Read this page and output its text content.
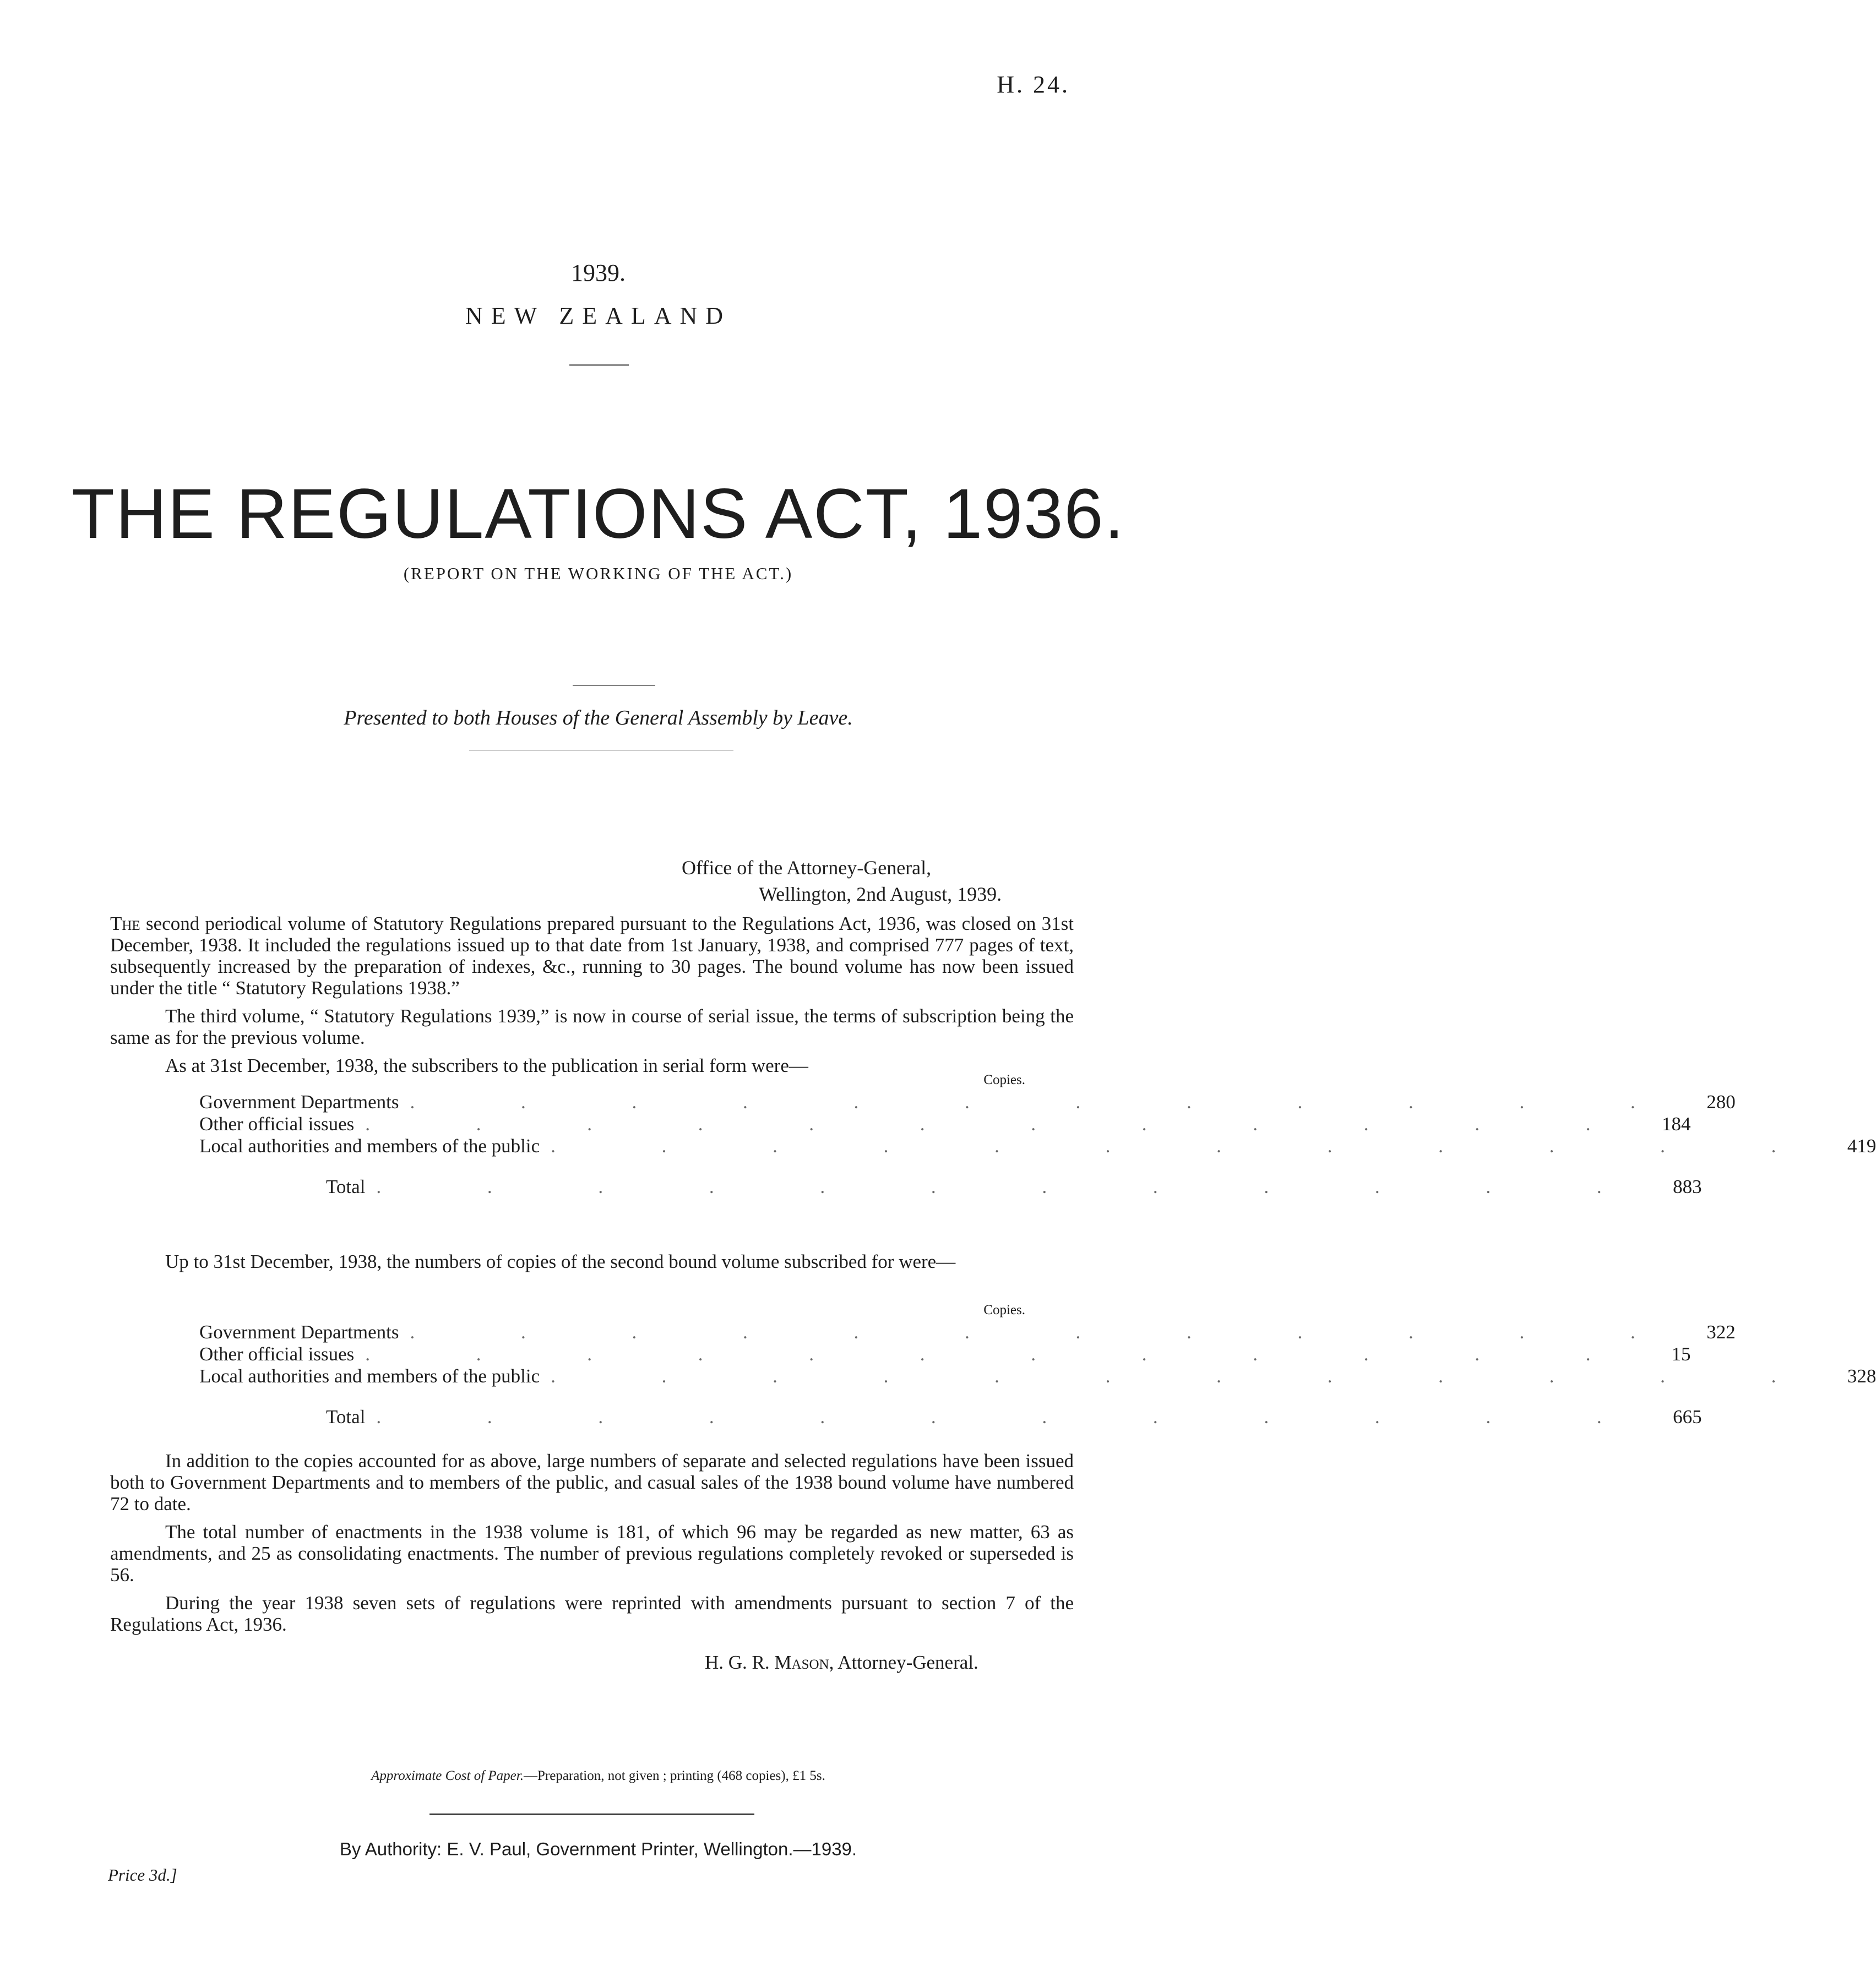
H. 24.
1939.
NEW ZEALAND
THE REGULATIONS ACT, 1936.
(REPORT ON THE WORKING OF THE ACT.)
Presented to both Houses of the General Assembly by Leave.
Office of the Attorney-General,
Wellington, 2nd August, 1939.

The second periodical volume of Statutory Regulations prepared pursuant to the Regulations Act, 1936, was closed on 31st December, 1938. It included the regulations issued up to that date from 1st January, 1938, and comprised 777 pages of text, subsequently increased by the preparation of indexes, &c., running to 30 pages. The bound volume has now been issued under the title “ Statutory Regulations 1938.”

The third volume, “ Statutory Regulations 1939,” is now in course of serial issue, the terms of subscription being the same as for the previous volume.

As at 31st December, 1938, the subscribers to the publication in serial form were—

Copies.
Government Departments . . . . . . . . . . . .	280
Other official issues . . . . . . . . . . . .	184
Local authorities and members of the public . . . . . . . . . . . .	419
Total . . . . . . . . . . . .	883

Up to 31st December, 1938, the numbers of copies of the second bound volume subscribed for were—

Copies.
Government Departments . . . . . . . . . . . .	322
Other official issues . . . . . . . . . . . .	15
Local authorities and members of the public . . . . . . . . . . . .	328
Total . . . . . . . . . . . .	665

In addition to the copies accounted for as above, large numbers of separate and selected regulations have been issued both to Government Departments and to members of the public, and casual sales of the 1938 bound volume have numbered 72 to date.

The total number of enactments in the 1938 volume is 181, of which 96 may be regarded as new matter, 63 as amendments, and 25 as consolidating enactments. The number of previous regulations completely revoked or superseded is 56.

During the year 1938 seven sets of regulations were reprinted with amendments pursuant to section 7 of the Regulations Act, 1936.

H. G. R. Mason, Attorney-General.
Approximate Cost of Paper.—Preparation, not given ; printing (468 copies), £1 5s.
By Authority: E. V. Paul, Government Printer, Wellington.—1939.
Price 3d.]
